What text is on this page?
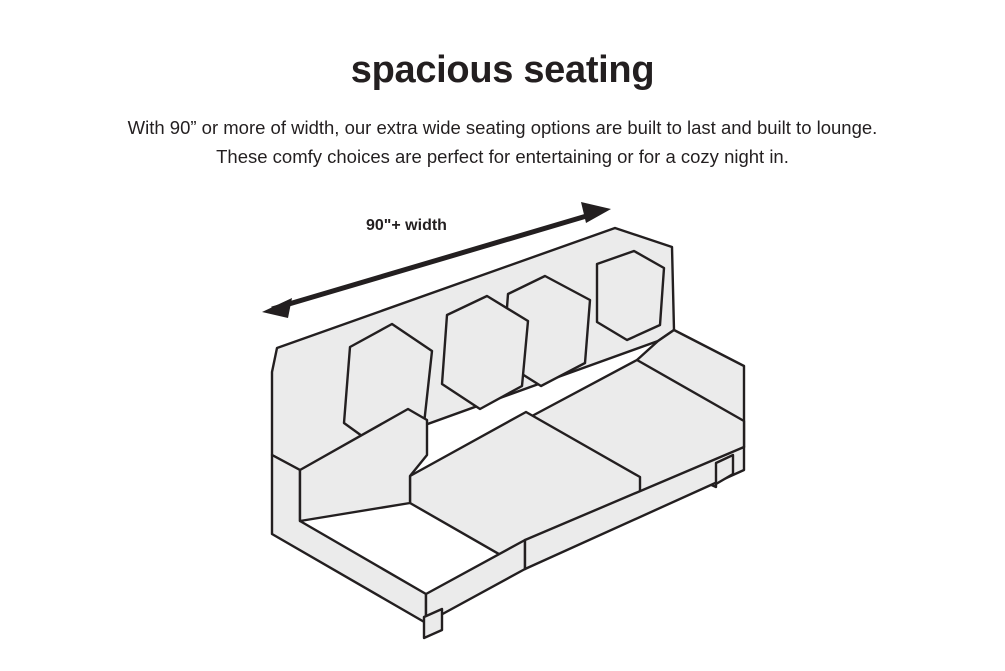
spacious seating
With 90” or more of width, our extra wide seating options are built to last and built to lounge.
These comfy choices are perfect for entertaining or for a cozy night in.
90"+ width
